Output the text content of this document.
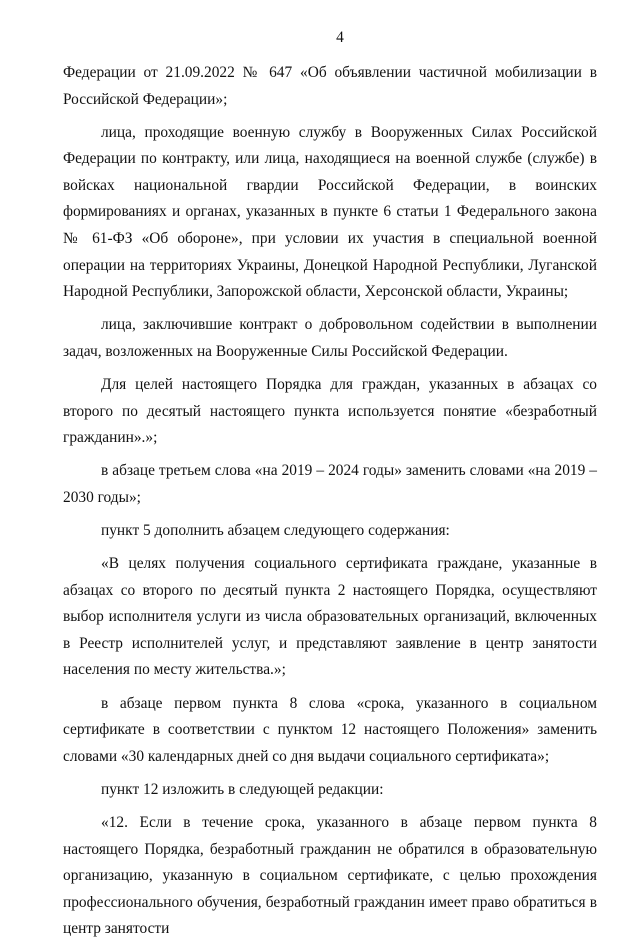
4

Федерации от 21.09.2022 № 647 «Об объявлении частичной мобилизации в Российской Федерации»;

лица, проходящие военную службу в Вооруженных Силах Российской Федерации по контракту, или лица, находящиеся на военной службе (службе) в войсках национальной гвардии Российской Федерации, в воинских формированиях и органах, указанных в пункте 6 статьи 1 Федерального закона № 61-ФЗ «Об обороне», при условии их участия в специальной военной операции на территориях Украины, Донецкой Народной Республики, Луганской Народной Республики, Запорожской области, Херсонской области, Украины;

лица, заключившие контракт о добровольном содействии в выполнении задач, возложенных на Вооруженные Силы Российской Федерации.

Для целей настоящего Порядка для граждан, указанных в абзацах со второго по десятый настоящего пункта используется понятие «безработный гражданин».»;

в абзаце третьем слова «на 2019 – 2024 годы» заменить словами «на 2019 – 2030 годы»;

пункт 5 дополнить абзацем следующего содержания:

«В целях получения социального сертификата граждане, указанные в абзацах со второго по десятый пункта 2 настоящего Порядка, осуществляют выбор исполнителя услуги из числа образовательных организаций, включенных в Реестр исполнителей услуг, и представляют заявление в центр занятости населения по месту жительства.»;

в абзаце первом пункта 8 слова «срока, указанного в социальном сертификате в соответствии с пунктом 12 настоящего Положения» заменить словами «30 календарных дней со дня выдачи социального сертификата»;

пункт 12 изложить в следующей редакции:

«12. Если в течение срока, указанного в абзаце первом пункта 8 настоящего Порядка, безработный гражданин не обратился в образовательную организацию, указанную в социальном сертификате, с целью прохождения профессионального обучения, безработный гражданин имеет право обратиться в центр занятости
